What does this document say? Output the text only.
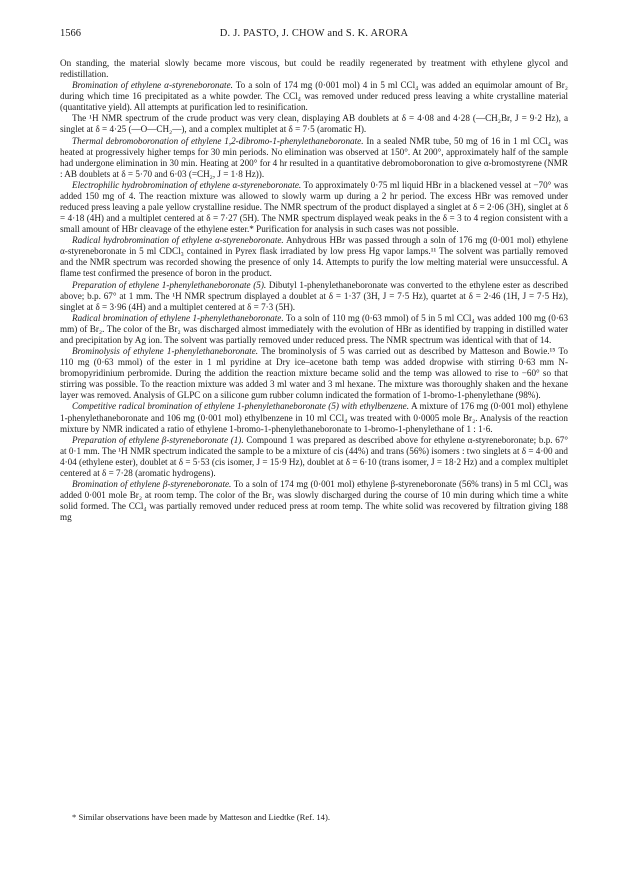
1566	D. J. PASTO, J. CHOW and S. K. ARORA

On standing, the material slowly became more viscous, but could be readily regenerated by treatment with ethylene glycol and redistillation.

Bromination of ethylene α-styreneboronate. To a soln of 174 mg (0·001 mol) 4 in 5 ml CCl₄ was added an equimolar amount of Br₂ during which time 16 precipitated as a white powder. The CCl₄ was removed under reduced press leaving a white crystalline material (quantitative yield). All attempts at purification led to resinification.

The ¹H NMR spectrum of the crude product was very clean, displaying AB doublets at δ = 4·08 and 4·28 (—CH₂Br, J = 9·2 Hz), a singlet at δ = 4·25 (—O—CH₂—), and a complex multiplet at δ = 7·5 (aromatic H).

Thermal debromoboronation of ethylene 1,2-dibromo-1-phenylethaneboronate. In a sealed NMR tube, 50 mg of 16 in 1 ml CCl₄ was heated at progressively higher temps for 30 min periods. No elimination was observed at 150°. At 200°, approximately half of the sample had undergone elimination in 30 min. Heating at 200° for 4 hr resulted in a quantitative debromoboronation to give α-bromostyrene (NMR : AB doublets at δ = 5·70 and 6·03 (=CH₂, J = 1·8 Hz)).

Electrophilic hydrobromination of ethylene α-styreneboronate. To approximately 0·75 ml liquid HBr in a blackened vessel at −70° was added 150 mg of 4. The reaction mixture was allowed to slowly warm up during a 2 hr period. The excess HBr was removed under reduced press leaving a pale yellow crystalline residue. The NMR spectrum of the product displayed a singlet at δ = 2·06 (3H), singlet at δ = 4·18 (4H) and a multiplet centered at δ = 7·27 (5H). The NMR spectrum displayed weak peaks in the δ = 3 to 4 region consistent with a small amount of HBr cleavage of the ethylene ester.* Purification for analysis in such cases was not possible.

Radical hydrobromination of ethylene α-styreneboronate. Anhydrous HBr was passed through a soln of 176 mg (0·001 mol) ethylene α-styreneboronate in 5 ml CDCl₃ contained in Pyrex flask irradiated by low press Hg vapor lamps.¹¹ The solvent was partially removed and the NMR spectrum was recorded showing the presence of only 14. Attempts to purify the low melting material were unsuccessful. A flame test confirmed the presence of boron in the product.

Preparation of ethylene 1-phenylethaneboronate (5). Dibutyl 1-phenylethaneboronate was converted to the ethylene ester as described above; b.p. 67° at 1 mm. The ¹H NMR spectrum displayed a doublet at δ = 1·37 (3H, J = 7·5 Hz), quartet at δ = 2·46 (1H, J = 7·5 Hz), singlet at δ = 3·96 (4H) and a multiplet centered at δ = 7·3 (5H).

Radical bromination of ethylene 1-phenylethaneboronate. To a soln of 110 mg (0·63 mmol) of 5 in 5 ml CCl₄ was added 100 mg (0·63 mm) of Br₂. The color of the Br₂ was discharged almost immediately with the evolution of HBr as identified by trapping in distilled water and precipitation by Ag ion. The solvent was partially removed under reduced press. The NMR spectrum was identical with that of 14.

Brominolysis of ethylene 1-phenylethaneboronate. The brominolysis of 5 was carried out as described by Matteson and Bowie.¹⁵ To 110 mg (0·63 mmol) of the ester in 1 ml pyridine at Dry ice–acetone bath temp was added dropwise with stirring 0·63 mm N-bromopyridinium perbromide. During the addition the reaction mixture became solid and the temp was allowed to rise to −60° so that stirring was possible. To the reaction mixture was added 3 ml water and 3 ml hexane. The mixture was thoroughly shaken and the hexane layer was removed. Analysis of GLPC on a silicone gum rubber column indicated the formation of 1-bromo-1-phenylethane (98%).

Competitive radical bromination of ethylene 1-phenylethaneboronate (5) with ethylbenzene. A mixture of 176 mg (0·001 mol) ethylene 1-phenylethaneboronate and 106 mg (0·001 mol) ethylbenzene in 10 ml CCl₄ was treated with 0·0005 mole Br₂. Analysis of the reaction mixture by NMR indicated a ratio of ethylene 1-bromo-1-phenylethaneboronate to 1-bromo-1-phenylethane of 1 : 1·6.

Preparation of ethylene β-styreneboronate (1). Compound 1 was prepared as described above for ethylene α-styreneboronate; b.p. 67° at 0·1 mm. The ¹H NMR spectrum indicated the sample to be a mixture of cis (44%) and trans (56%) isomers : two singlets at δ = 4·00 and 4·04 (ethylene ester), doublet at δ = 5·53 (cis isomer, J = 15·9 Hz), doublet at δ = 6·10 (trans isomer, J = 18·2 Hz) and a complex multiplet centered at δ = 7·28 (aromatic hydrogens).

Bromination of ethylene β-styreneboronate. To a soln of 174 mg (0·001 mol) ethylene β-styreneboronate (56% trans) in 5 ml CCl₄ was added 0·001 mole Br₂ at room temp. The color of the Br₂ was slowly discharged during the course of 10 min during which time a white solid formed. The CCl₄ was partially removed under reduced press at room temp. The white solid was recovered by filtration giving 188 mg

* Similar observations have been made by Matteson and Liedtke (Ref. 14).
